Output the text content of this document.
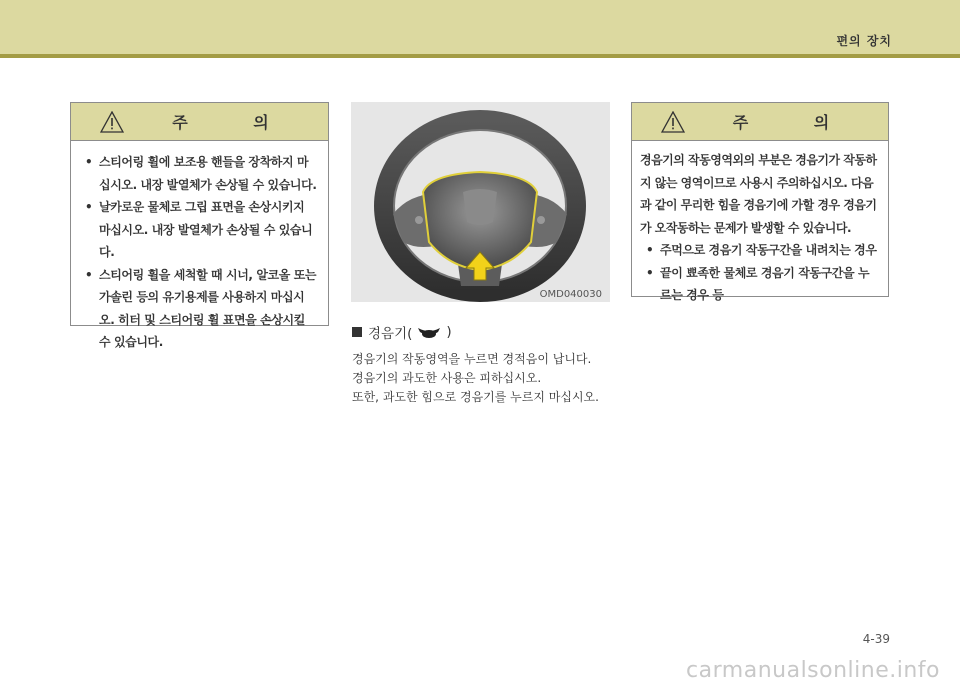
편의 장치
주 의
• 스티어링 휠에 보조용 핸들을 장착하지 마십시오. 내장 발열체가 손상될 수 있습니다.
• 날카로운 물체로 그립 표면을 손상시키지 마십시오. 내장 발열체가 손상될 수 있습니다.
• 스티어링 휠을 세척할 때 시너, 알코올 또는 가솔린 등의 유기용제를 사용하지 마십시오. 히터 및 스티어링 휠 표면을 손상시킬 수 있습니다.
OMD040030
경음기(	)
경음기의 작동영역을 누르면 경적음이 납니다.
경음기의 과도한 사용은 피하십시오.
또한, 과도한 힘으로 경음기를 누르지 마십시오.
주 의
경음기의 작동영역외의 부분은 경음기가 작동하지 않는 영역이므로 사용시 주의하십시오. 다음과 같이 무리한 힘을 경음기에 가할 경우 경음기가 오작동하는 문제가 발생할 수 있습니다.
• 주먹으로 경음기 작동구간을 내려치는 경우
• 끝이 뾰족한 물체로 경음기 작동구간을 누르는 경우 등
4-39
carmanualsonline.info
